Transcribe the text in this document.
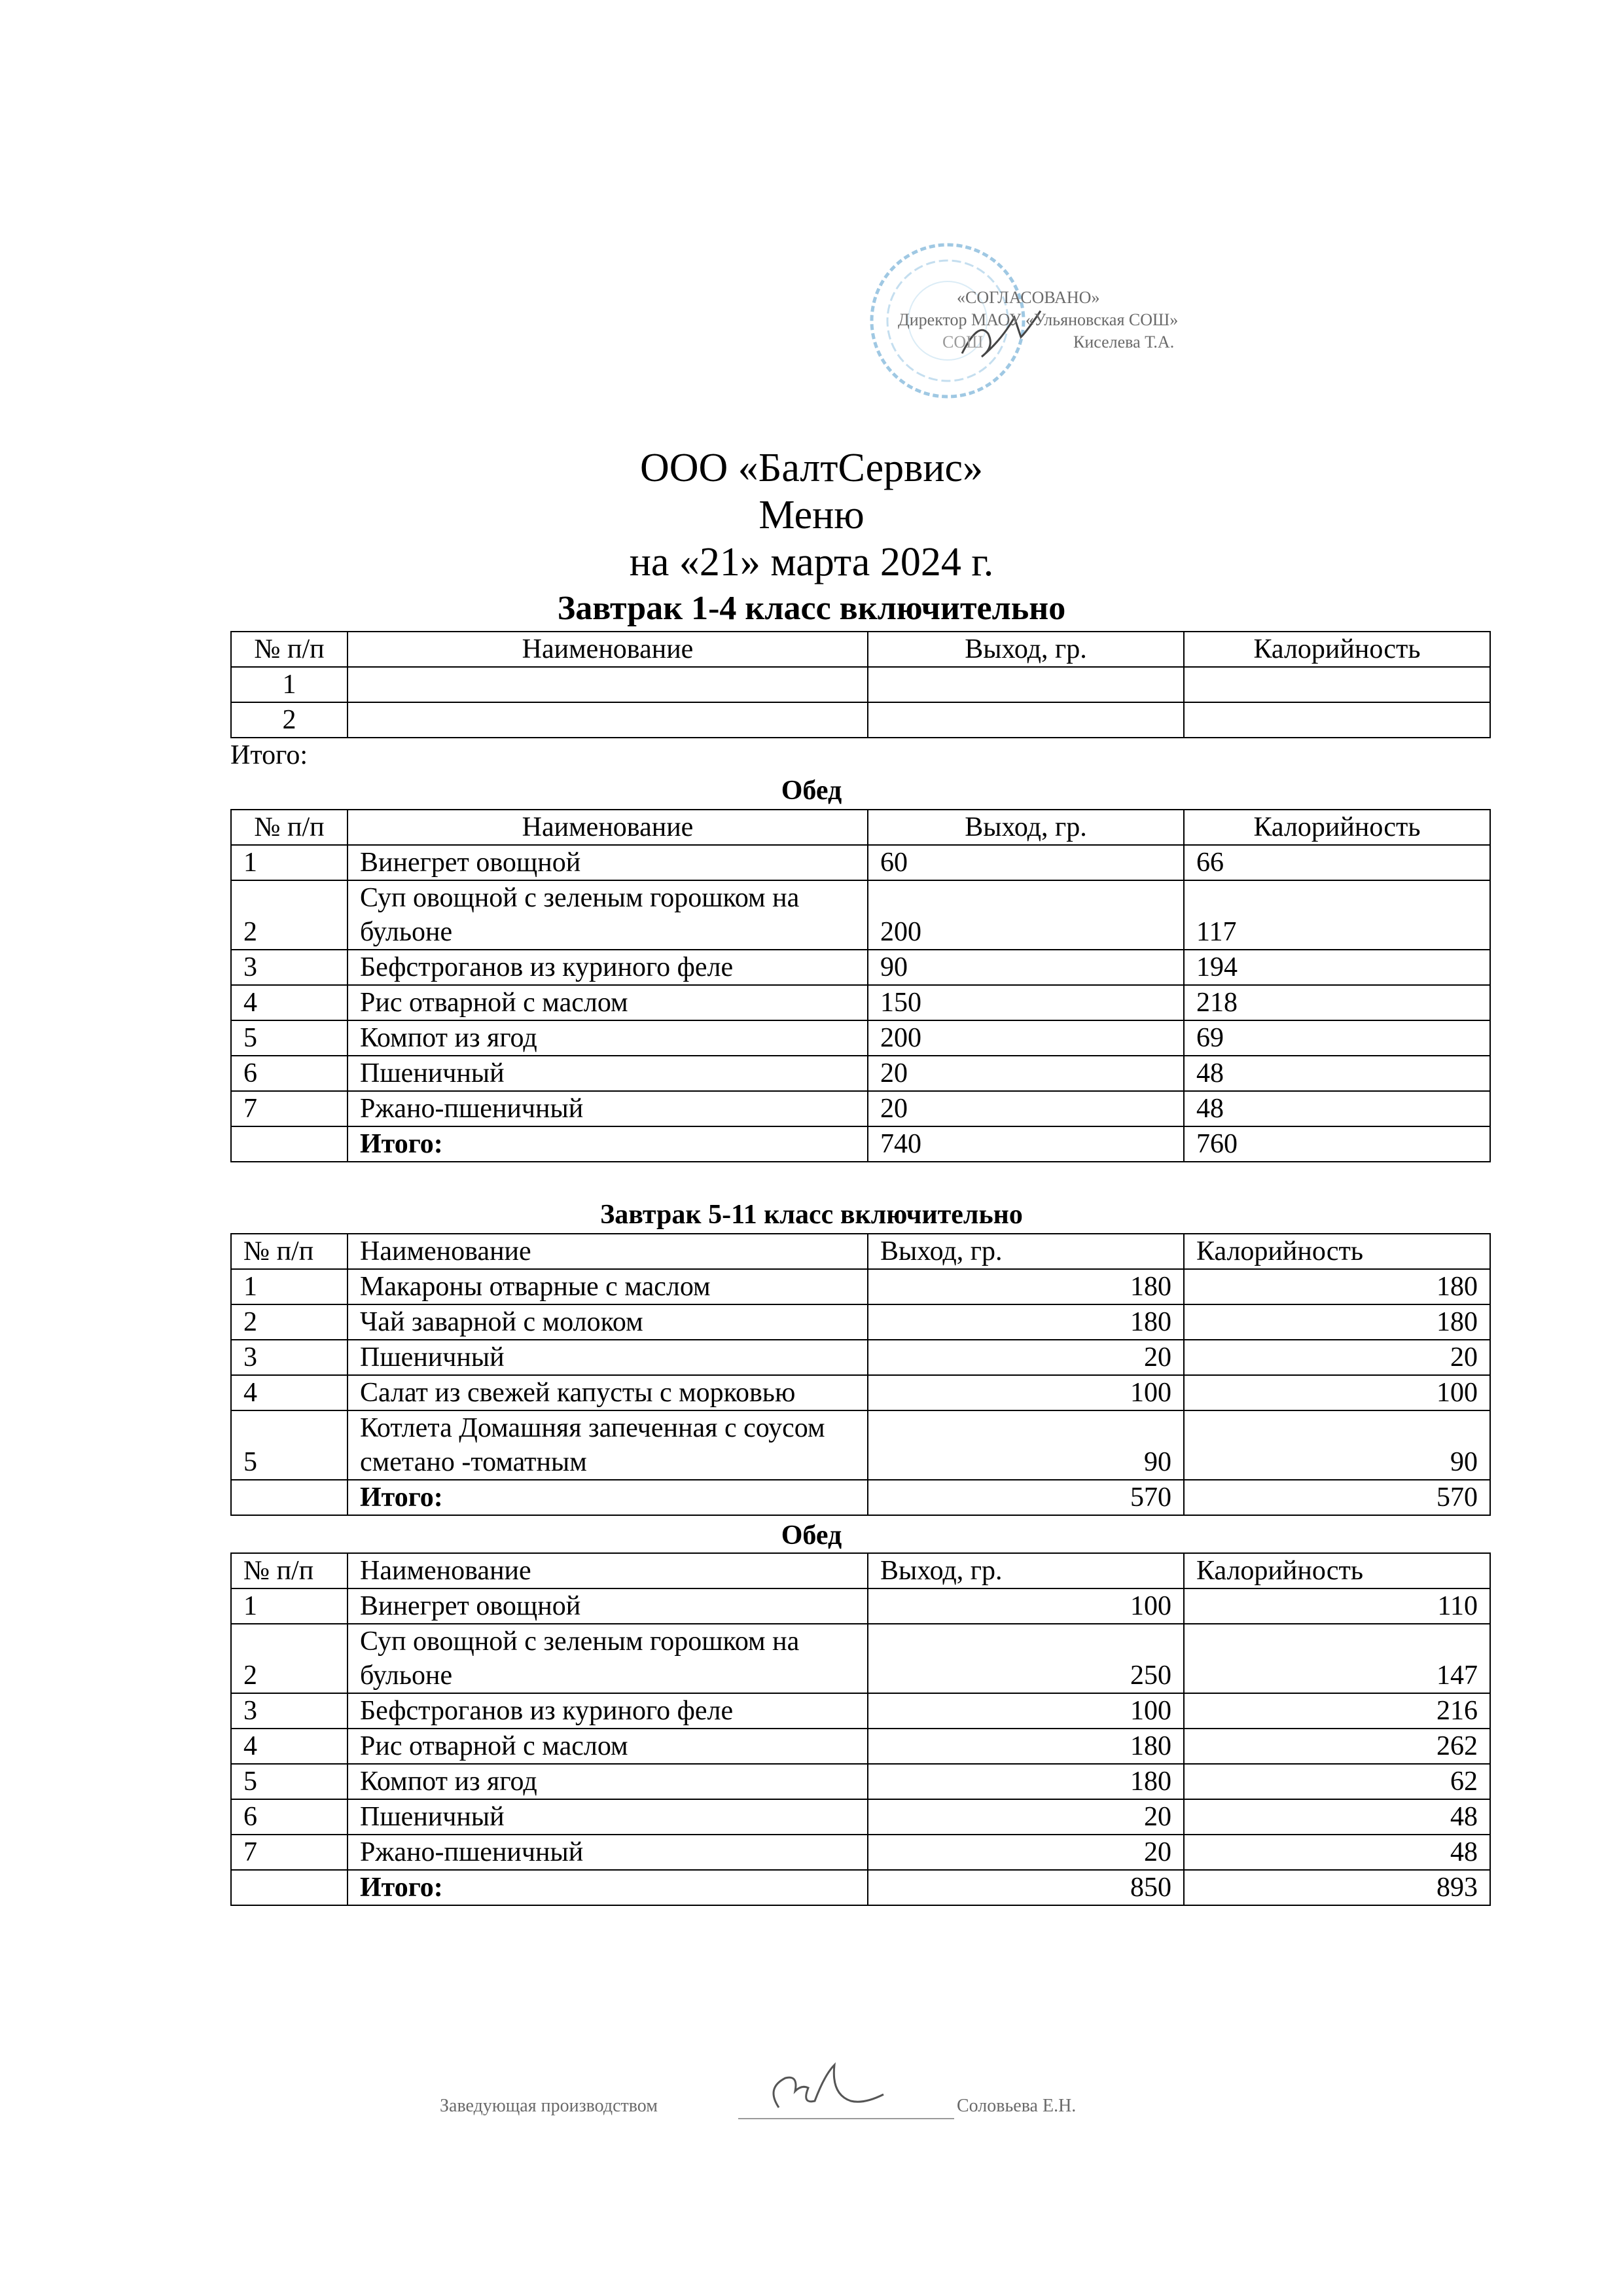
«СОГЛАСОВАНО»
Директор МАОУ «Ульяновская СОШ»
СОШ	Киселева Т.А.
ООО «БалтСервис»
Меню
на «21» марта 2024 г.
Завтрак 1-4 класс включительно
№ п/п	Наименование	Выход, гр.	Калорийность
1			
2			
Итого:
Обед
№ п/п	Наименование	Выход, гр.	Калорийность
1	Винегрет овощной	60	66
2	Суп овощной с зеленым горошком на бульоне	200	117
3	Бефстроганов из куриного феле	90	194
4	Рис отварной с маслом	150	218
5	Компот из ягод	200	69
6	Пшеничный	20	48
7	Ржано-пшеничный	20	48
	Итого:	740	760
Завтрак 5-11 класс включительно
№ п/п	Наименование	Выход, гр.	Калорийность
1	Макароны отварные с маслом	180	180
2	Чай заварной с молоком	180	180
3	Пшеничный	20	20
4	Салат из свежей капусты с морковью	100	100
5	Котлета Домашняя запеченная с соусом сметано -томатным	90	90
	Итого:	570	570
Обед
№ п/п	Наименование	Выход, гр.	Калорийность
1	Винегрет овощной	100	110
2	Суп овощной с зеленым горошком на бульоне	250	147
3	Бефстроганов из куриного феле	100	216
4	Рис отварной с маслом	180	262
5	Компот из ягод	180	62
6	Пшеничный	20	48
7	Ржано-пшеничный	20	48
	Итого:	850	893
Заведующая производством	Соловьева Е.Н.
